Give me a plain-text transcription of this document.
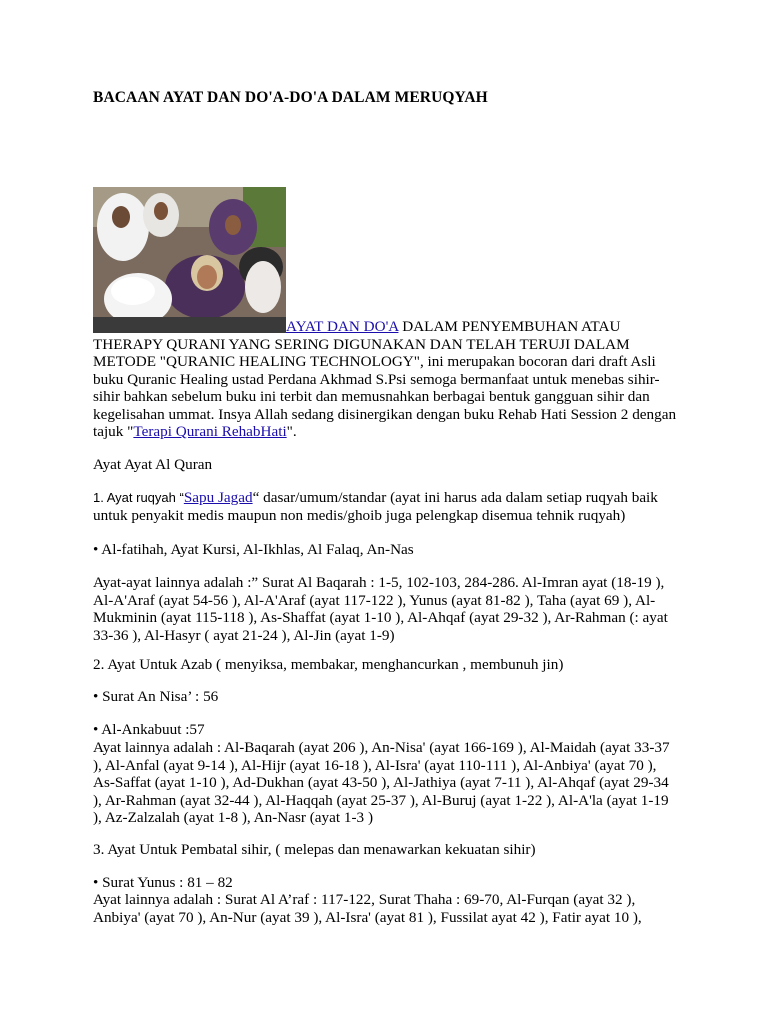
BACAAN AYAT DAN DO'A-DO'A DALAM MERUQYAH
AYAT DAN DO'A DALAM PENYEMBUHAN ATAU THERAPY QURANI YANG SERING DIGUNAKAN DAN TELAH TERUJI DALAM METODE "QURANIC HEALING TECHNOLOGY", ini merupakan bocoran dari draft Asli buku Quranic Healing ustad Perdana Akhmad S.Psi semoga bermanfaat untuk menebas sihir-sihir bahkan sebelum buku ini terbit dan memusnahkan berbagai bentuk gangguan sihir dan kegelisahan ummat. Insya Allah sedang disinergikan dengan buku Rehab Hati Session 2 dengan tajuk "Terapi Qurani RehabHati".
Ayat Ayat Al Quran
1. Ayat ruqyah “Sapu Jagad“ dasar/umum/standar (ayat ini harus ada dalam setiap ruqyah baik untuk penyakit medis maupun non medis/ghoib juga pelengkap disemua tehnik ruqyah)
• Al-fatihah, Ayat Kursi, Al-Ikhlas, Al Falaq, An-Nas
Ayat-ayat lainnya adalah :” Surat Al Baqarah : 1-5, 102-103, 284-286. Al-Imran ayat (18-19 ), Al-A'Araf (ayat 54-56 ), Al-A'Araf (ayat 117-122 ), Yunus (ayat 81-82 ), Taha (ayat 69 ), Al-Mukminin (ayat 115-118 ), As-Shaffat (ayat 1-10 ), Al-Ahqaf (ayat 29-32 ), Ar-Rahman (: ayat 33-36 ), Al-Hasyr ( ayat 21-24 ), Al-Jin (ayat 1-9)
2. Ayat Untuk Azab ( menyiksa, membakar, menghancurkan , membunuh jin)
• Surat An Nisa’ : 56
• Al-Ankabuut :57
Ayat lainnya adalah : Al-Baqarah (ayat 206 ), An-Nisa' (ayat 166-169 ), Al-Maidah (ayat 33-37 ), Al-Anfal (ayat 9-14 ), Al-Hijr (ayat 16-18 ), Al-Isra' (ayat 110-111 ), Al-Anbiya' (ayat 70 ), As-Saffat (ayat 1-10 ), Ad-Dukhan (ayat 43-50 ), Al-Jathiya (ayat 7-11 ), Al-Ahqaf (ayat 29-34 ), Ar-Rahman (ayat 32-44 ), Al-Haqqah (ayat 25-37 ), Al-Buruj (ayat 1-22 ), Al-A'la (ayat 1-19 ), Az-Zalzalah (ayat 1-8 ), An-Nasr (ayat 1-3 )
3. Ayat Untuk Pembatal sihir, ( melepas dan menawarkan kekuatan sihir)
• Surat Yunus : 81 – 82
Ayat lainnya adalah : Surat Al A’raf : 117-122, Surat Thaha : 69-70, Al-Furqan (ayat 32 ), Anbiya' (ayat 70 ), An-Nur (ayat 39 ), Al-Isra' (ayat 81 ), Fussilat ayat 42 ), Fatir ayat 10 ),
